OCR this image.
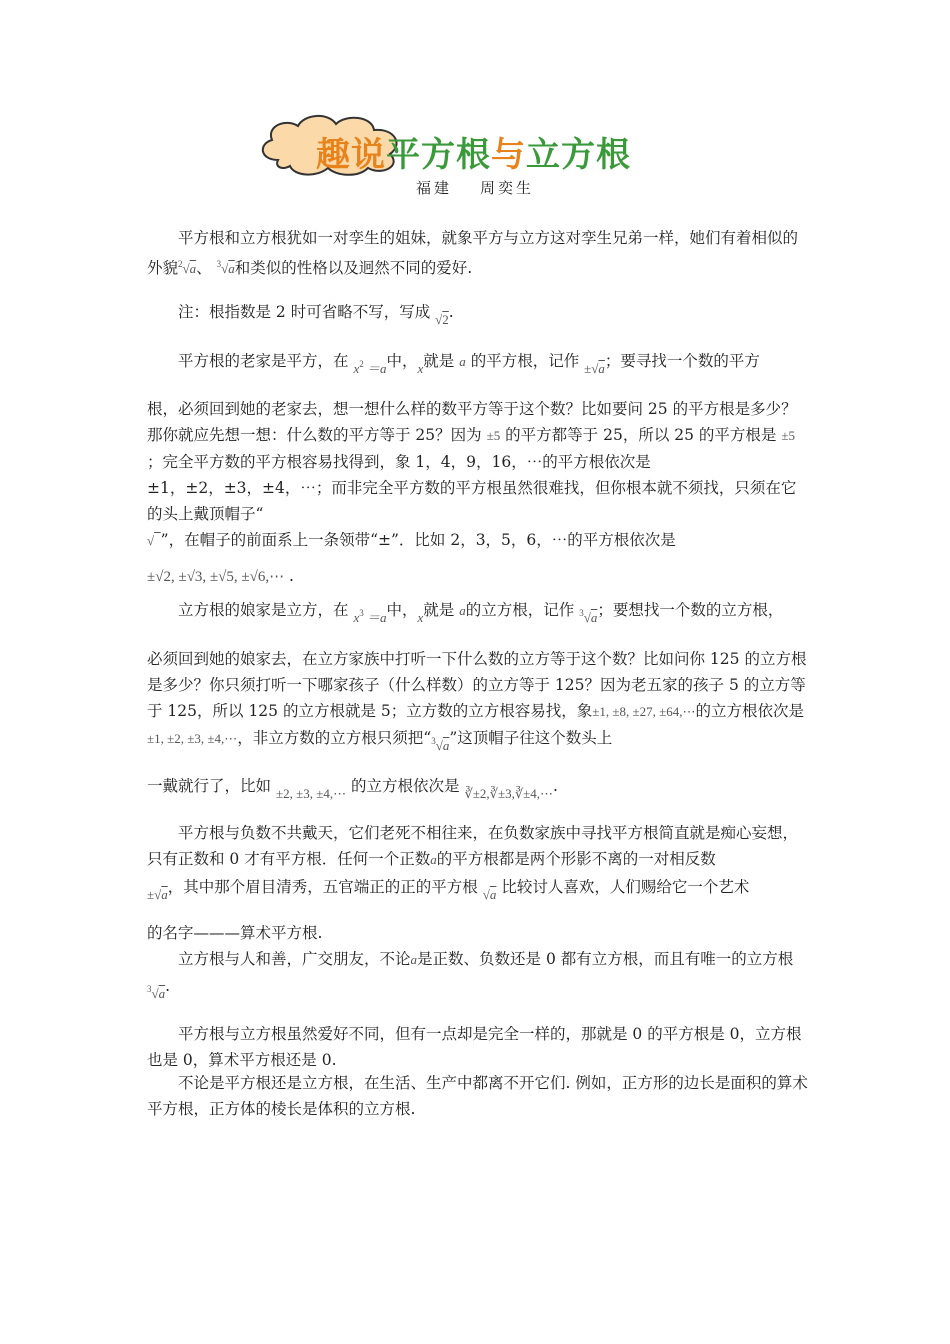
趣说平方根与立方根
福建 周奕生
平方根和立方根犹如一对孪生的姐妹，就象平方与立方这对孪生兄弟一样，她们有着相似的外貌$^2$√a、 $^3$√a和类似的性格以及迥然不同的爱好.
注：根指数是 2 时可省略不写，写成 √2.
平方根的老家是平方，在 $x^2 =a$中，x就是 a 的平方根，记作 ±√a；要寻找一个数的平方
根，必须回到她的老家去，想一想什么样的数平方等于这个数？比如要问 25 的平方根是多少？那你就应先想一想：什么数的平方等于 25？因为 ±5 的平方都等于 25，所以 25 的平方根是 ±5；完全平方数的平方根容易找得到，象 1，4，9，16，⋯的平方根依次是±1，±2，±3，±4，⋯；而非完全平方数的平方根虽然很难找，但你根本就不须找，只须在它的头上戴顶帽子“
√ ”，在帽子的前面系上一条领带“±”．比如 2，3，5，6，⋯的平方根依次是
±√2, ±√3, ±√5, ±√6,⋯ .
立方根的娘家是立方，在 $x^3 =a$中，x就是 a的立方根，记作 $^3$√a；要想找一个数的立方根，
必须回到她的娘家去，在立方家族中打听一下什么数的立方等于这个数？比如问你 125 的立方根是多少？你只须打听一下哪家孩子（什么样数）的立方等于 125？因为老五家的孩子 5 的立方等于 125，所以 125 的立方根就是 5；立方数的立方根容易找，象±1, ±8, ±27, ±64,⋯的立方根依次是±1, ±2, ±3, ±4,⋯，非立方数的立方根只须把“$^3$√a”这顶帽子往这个数头上
一戴就行了，比如 ±2, ±3, ±4,⋯ 的立方根依次是 ∛±2,∛±3,∛±4,⋯.
平方根与负数不共戴天，它们老死不相往来，在负数家族中寻找平方根简直就是痴心妄想，只有正数和 0 才有平方根．任何一个正数a的平方根都是两个形影不离的一对相反数
±√a，其中那个眉目清秀，五官端正的正的平方根 √a 比较讨人喜欢，人们赐给它一个艺术
的名字———算术平方根.
立方根与人和善，广交朋友，不论a是正数、负数还是 0 都有立方根，而且有唯一的立方根 $^3$√a.
平方根与立方根虽然爱好不同，但有一点却是完全一样的，那就是 0 的平方根是 0，立方根也是 0，算术平方根还是 0.
不论是平方根还是立方根，在生活、生产中都离不开它们. 例如，正方形的边长是面积的算术平方根，正方体的棱长是体积的立方根.
